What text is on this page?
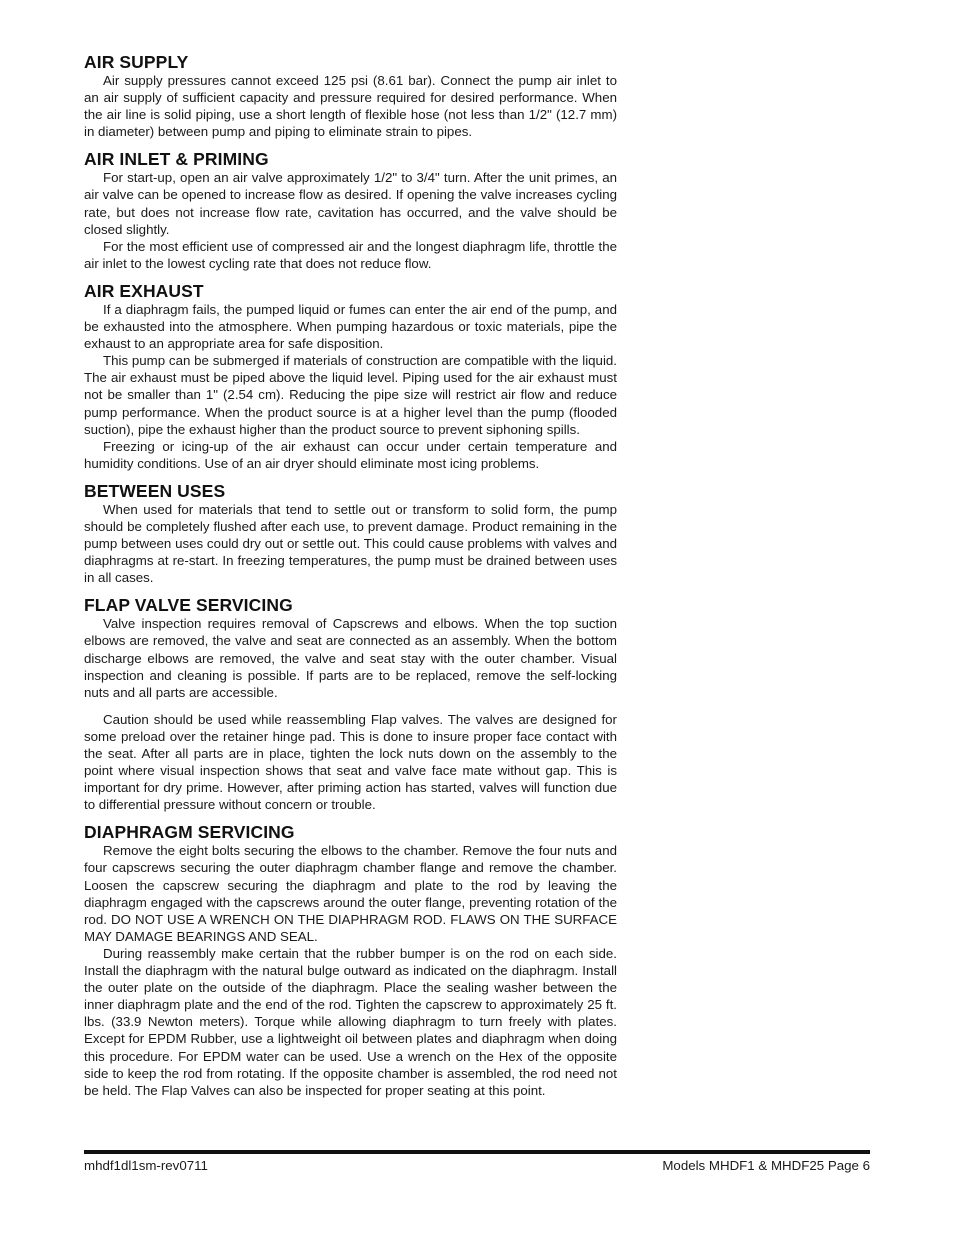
AIR SUPPLY

Air supply pressures cannot exceed 125 psi (8.61 bar). Connect the pump air inlet to an air supply of sufficient capacity and pressure required for desired performance. When the air line is solid piping, use a short length of flexible hose (not less than 1/2" (12.7 mm) in diameter) between pump and piping to eliminate strain to pipes.

AIR INLET & PRIMING

For start-up, open an air valve approximately 1/2" to 3/4" turn. After the unit primes, an air valve can be opened to increase flow as desired. If opening the valve increases cycling rate, but does not increase flow rate, cavitation has occurred, and the valve should be closed slightly.

For the most efficient use of compressed air and the longest diaphragm life, throttle the air inlet to the lowest cycling rate that does not reduce flow.

AIR EXHAUST

If a diaphragm fails, the pumped liquid or fumes can enter the air end of the pump, and be exhausted into the atmosphere. When pumping hazardous or toxic materials, pipe the exhaust to an appropriate area for safe disposition.

This pump can be submerged if materials of construction are compatible with the liquid. The air exhaust must be piped above the liquid level. Piping used for the air exhaust must not be smaller than 1" (2.54 cm). Reducing the pipe size will restrict air flow and reduce pump performance. When the product source is at a higher level than the pump (flooded suction), pipe the exhaust higher than the product source to prevent siphoning spills.

Freezing or icing-up of the air exhaust can occur under certain temperature and humidity conditions. Use of an air dryer should eliminate most icing problems.

BETWEEN USES

When used for materials that tend to settle out or transform to solid form, the pump should be completely flushed after each use, to prevent damage. Product remaining in the pump between uses could dry out or settle out. This could cause problems with valves and diaphragms at re-start. In freezing temperatures, the pump must be drained between uses in all cases.

FLAP VALVE SERVICING

Valve inspection requires removal of Capscrews and elbows. When the top suction elbows are removed, the valve and seat are connected as an assembly. When the bottom discharge elbows are removed, the valve and seat stay with the outer chamber. Visual inspection and cleaning is possible. If parts are to be replaced, remove the self-locking nuts and all parts are accessible.

Caution should be used while reassembling Flap valves. The valves are designed for some preload over the retainer hinge pad. This is done to insure proper face contact with the seat. After all parts are in place, tighten the lock nuts down on the assembly to the point where visual inspection shows that seat and valve face mate without gap. This is important for dry prime. However, after priming action has started, valves will function due to differential pressure without concern or trouble.

DIAPHRAGM SERVICING

Remove the eight bolts securing the elbows to the chamber. Remove the four nuts and four capscrews securing the outer diaphragm chamber flange and remove the chamber. Loosen the capscrew securing the diaphragm and plate to the rod by leaving the diaphragm engaged with the capscrews around the outer flange, preventing rotation of the rod. DO NOT USE A WRENCH ON THE DIAPHRAGM ROD. FLAWS ON THE SURFACE MAY DAMAGE BEARINGS AND SEAL.

During reassembly make certain that the rubber bumper is on the rod on each side. Install the diaphragm with the natural bulge outward as indicated on the diaphragm. Install the outer plate on the outside of the diaphragm. Place the sealing washer between the inner diaphragm plate and the end of the rod. Tighten the capscrew to approximately 25 ft. lbs. (33.9 Newton meters). Torque while allowing diaphragm to turn freely with plates. Except for EPDM Rubber, use a lightweight oil between plates and diaphragm when doing this procedure. For EPDM water can be used. Use a wrench on the Hex of the opposite side to keep the rod from rotating. If the opposite chamber is assembled, the rod need not be held. The Flap Valves can also be inspected for proper seating at this point.

mhdf1dl1sm-rev0711	Models MHDF1 & MHDF25 Page 6
